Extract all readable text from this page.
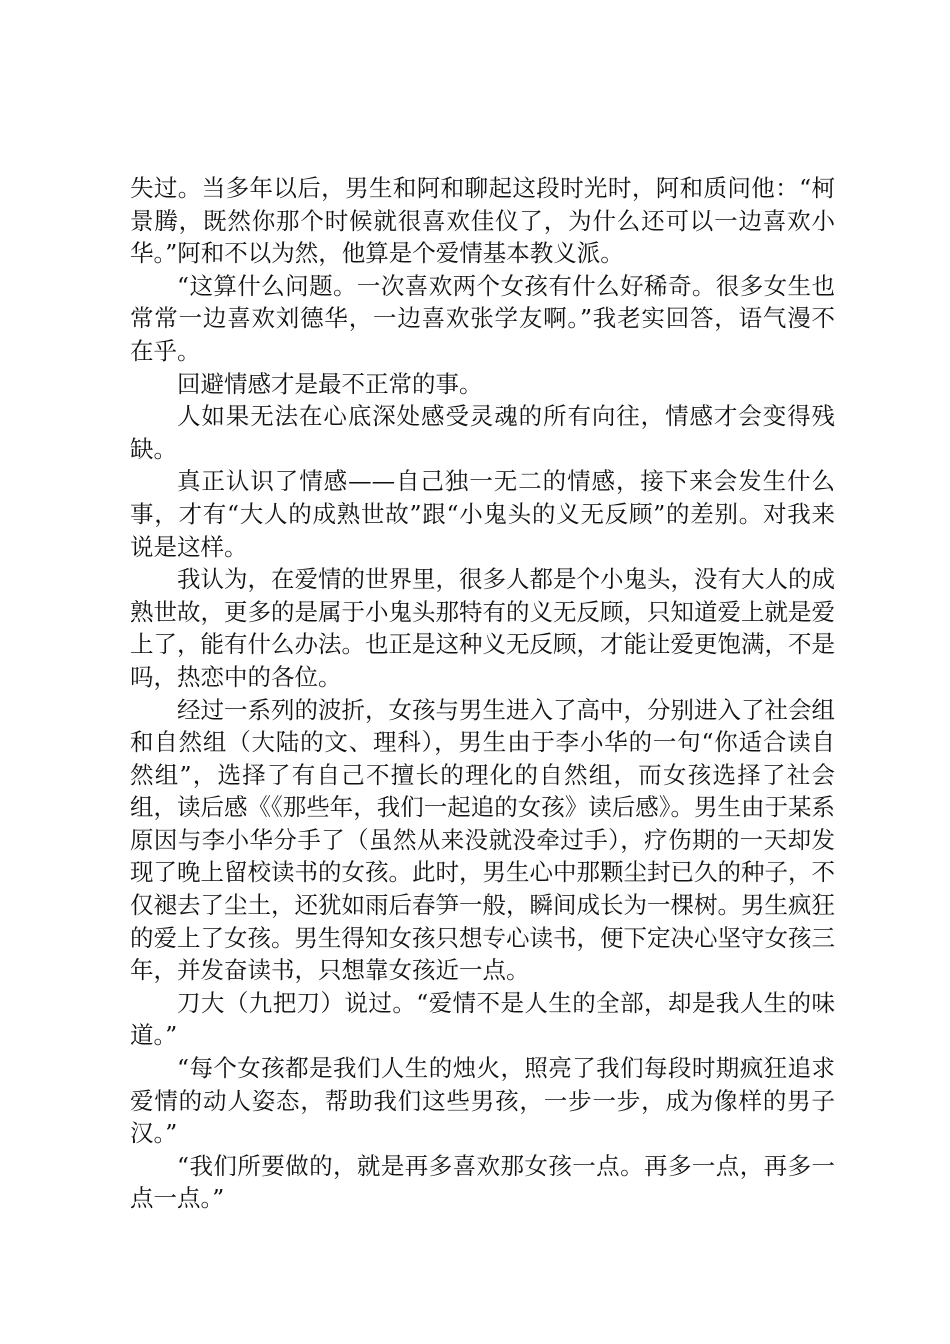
失过。当多年以后，男生和阿和聊起这段时光时，阿和质问他：“柯景腾，既然你那个时候就很喜欢佳仪了，为什么还可以一边喜欢小华。”阿和不以为然，他算是个爱情基本教义派。

“这算什么问题。一次喜欢两个女孩有什么好稀奇。很多女生也常常一边喜欢刘德华，一边喜欢张学友啊。”我老实回答，语气漫不在乎。

回避情感才是最不正常的事。

人如果无法在心底深处感受灵魂的所有向往，情感才会变得残缺。

真正认识了情感——自己独一无二的情感，接下来会发生什么事，才有“大人的成熟世故”跟“小鬼头的义无反顾”的差别。对我来说是这样。

我认为，在爱情的世界里，很多人都是个小鬼头，没有大人的成熟世故，更多的是属于小鬼头那特有的义无反顾，只知道爱上就是爱上了，能有什么办法。也正是这种义无反顾，才能让爱更饱满，不是吗，热恋中的各位。

经过一系列的波折，女孩与男生进入了高中，分别进入了社会组和自然组（大陆的文、理科），男生由于李小华的一句“你适合读自然组”，选择了有自己不擅长的理化的自然组，而女孩选择了社会组，读后感《《那些年，我们一起追的女孩》读后感》。男生由于某系原因与李小华分手了（虽然从来没就没牵过手），疗伤期的一天却发现了晚上留校读书的女孩。此时，男生心中那颗尘封已久的种子，不仅褪去了尘土，还犹如雨后春笋一般，瞬间成长为一棵树。男生疯狂的爱上了女孩。男生得知女孩只想专心读书，便下定决心坚守女孩三年，并发奋读书，只想靠女孩近一点。

刀大（九把刀）说过。“爱情不是人生的全部，却是我人生的味道。”

“每个女孩都是我们人生的烛火，照亮了我们每段时期疯狂追求爱情的动人姿态，帮助我们这些男孩，一步一步，成为像样的男子汉。”

“我们所要做的，就是再多喜欢那女孩一点。再多一点，再多一点一点。”
